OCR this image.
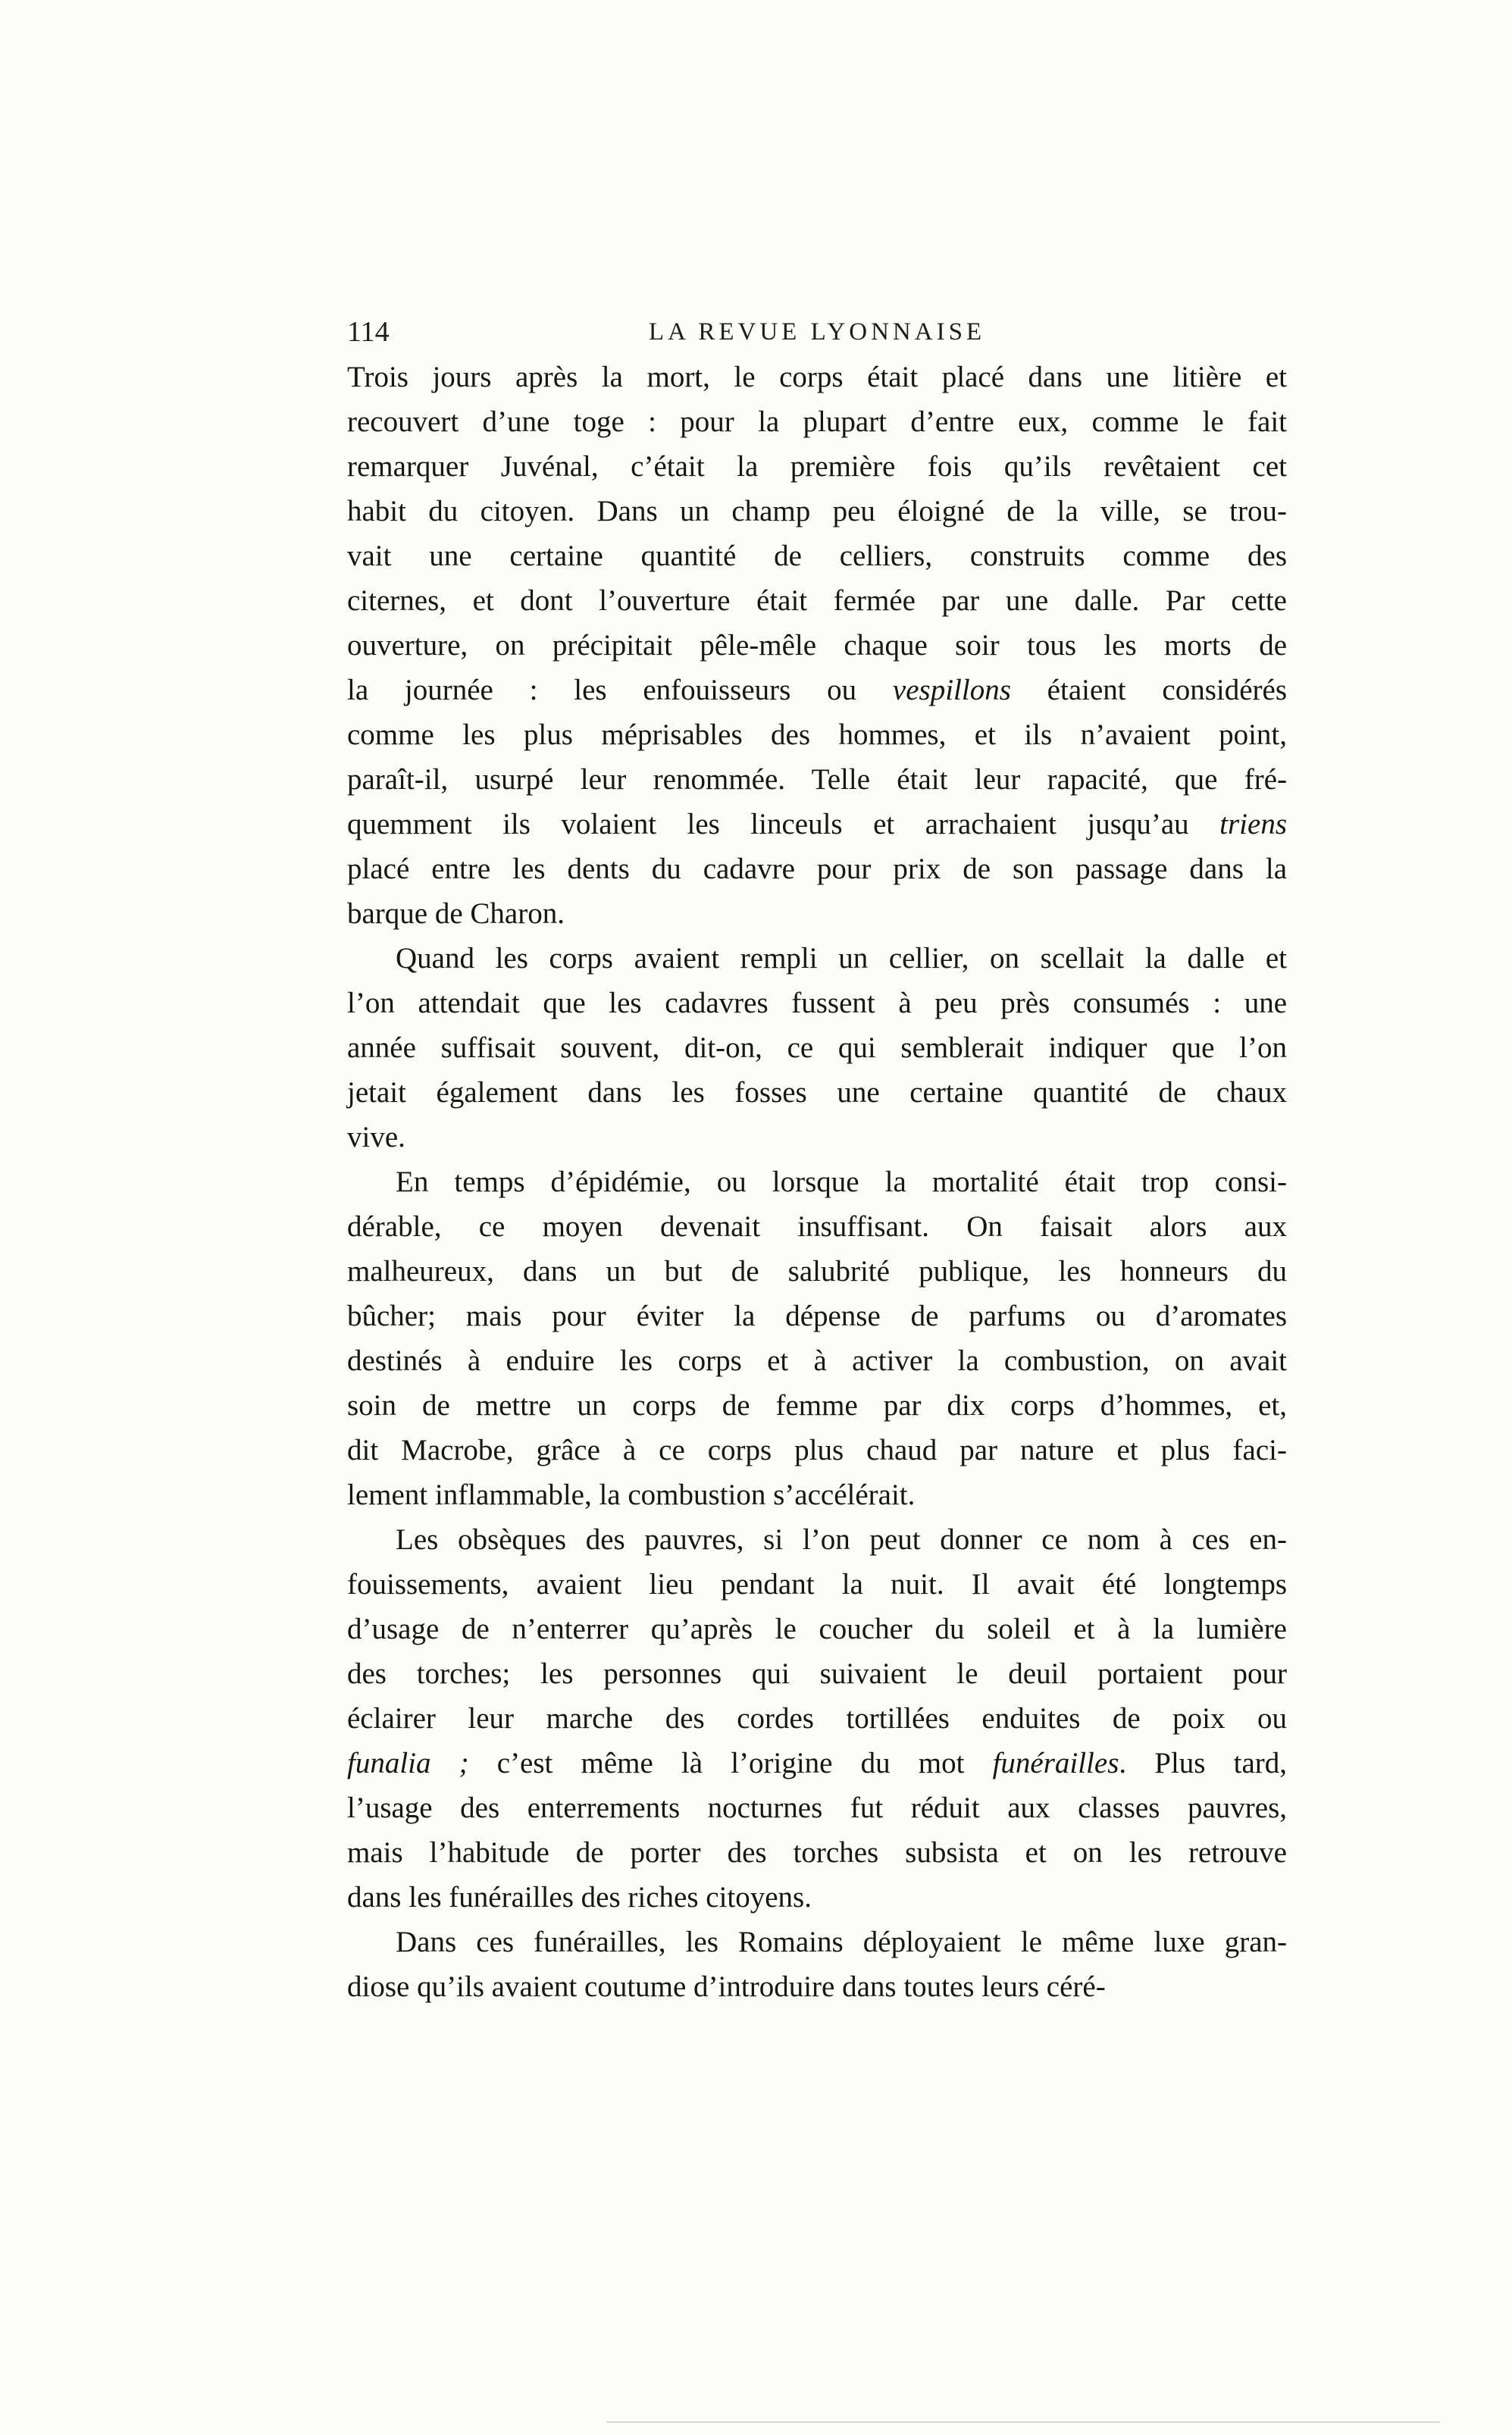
114	LA REVUE LYONNAISE
Trois jours après la mort, le corps était placé dans une litière et
recouvert d’une toge : pour la plupart d’entre eux, comme le fait
remarquer Juvénal, c’était la première fois qu’ils revêtaient cet
habit du citoyen. Dans un champ peu éloigné de la ville, se trou-
vait une certaine quantité de celliers, construits comme des
citernes, et dont l’ouverture était fermée par une dalle. Par cette
ouverture, on précipitait pêle-mêle chaque soir tous les morts de
la journée : les enfouisseurs ou vespillons étaient considérés
comme les plus méprisables des hommes, et ils n’avaient point,
paraît-il, usurpé leur renommée. Telle était leur rapacité, que fré-
quemment ils volaient les linceuls et arrachaient jusqu’au triens
placé entre les dents du cadavre pour prix de son passage dans la
barque de Charon.
Quand les corps avaient rempli un cellier, on scellait la dalle et
l’on attendait que les cadavres fussent à peu près consumés : une
année suffisait souvent, dit-on, ce qui semblerait indiquer que l’on
jetait également dans les fosses une certaine quantité de chaux
vive.
En temps d’épidémie, ou lorsque la mortalité était trop consi-
dérable, ce moyen devenait insuffisant. On faisait alors aux
malheureux, dans un but de salubrité publique, les honneurs du
bûcher; mais pour éviter la dépense de parfums ou d’aromates
destinés à enduire les corps et à activer la combustion, on avait
soin de mettre un corps de femme par dix corps d’hommes, et,
dit Macrobe, grâce à ce corps plus chaud par nature et plus faci-
lement inflammable, la combustion s’accélérait.
Les obsèques des pauvres, si l’on peut donner ce nom à ces en-
fouissements, avaient lieu pendant la nuit. Il avait été longtemps
d’usage de n’enterrer qu’après le coucher du soleil et à la lumière
des torches; les personnes qui suivaient le deuil portaient pour
éclairer leur marche des cordes tortillées enduites de poix ou
funalia ; c’est même là l’origine du mot funérailles. Plus tard,
l’usage des enterrements nocturnes fut réduit aux classes pauvres,
mais l’habitude de porter des torches subsista et on les retrouve
dans les funérailles des riches citoyens.
Dans ces funérailles, les Romains déployaient le même luxe gran-
diose qu’ils avaient coutume d’introduire dans toutes leurs céré-
